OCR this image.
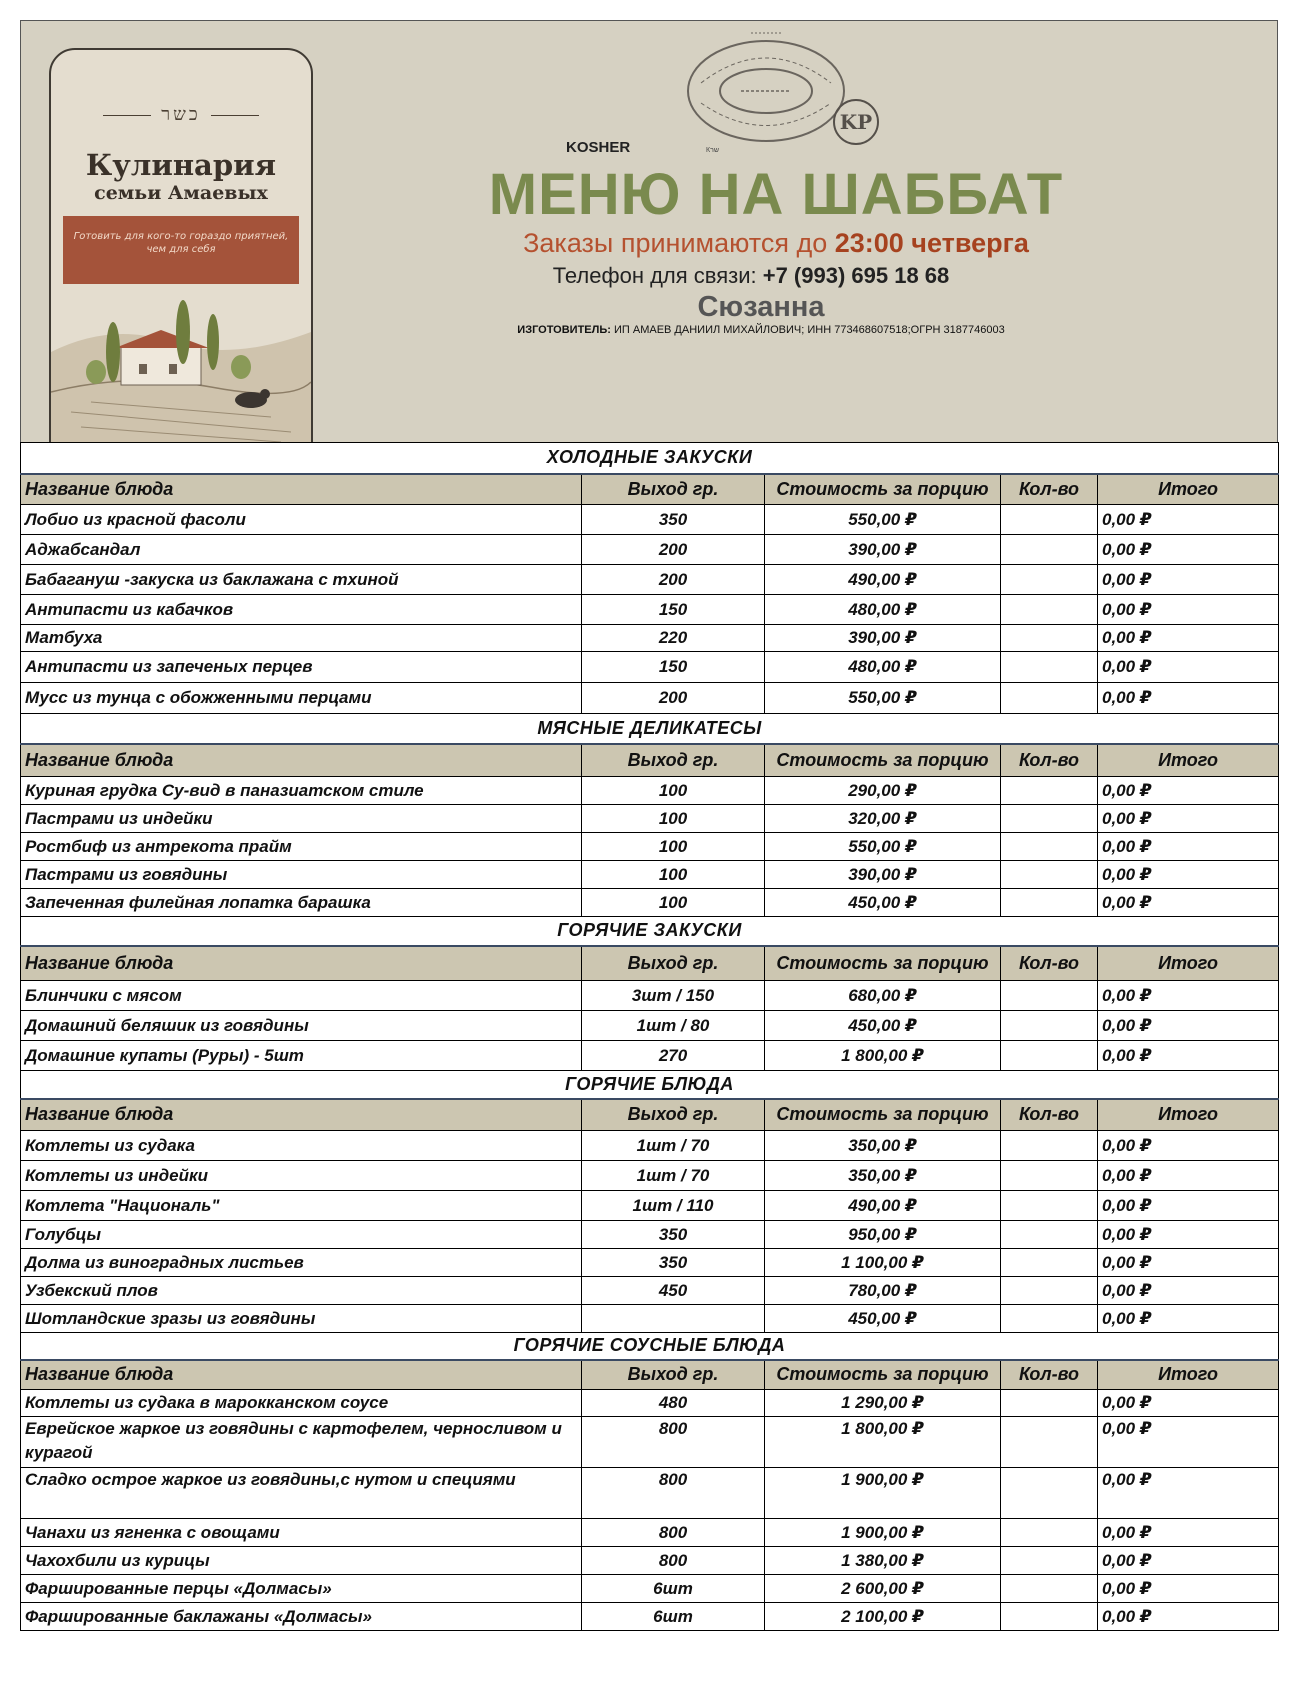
כשר
Кулинария
семьи Амаевых
Готовить для кого-то гораздо приятней, чем для себя
KP
Кשר
KOSHER
МЕНЮ НА ШАББАТ
Заказы принимаются до 23:00 четверга
Телефон для связи: +7 (993) 695 18 68
Сюзанна
ИЗГОТОВИТЕЛЬ: ИП АМАЕВ ДАНИИЛ МИХАЙЛОВИЧ; ИНН 773468607518;ОГРН 3187746003
ХОЛОДНЫЕ ЗАКУСКИ				
Название блюда	Выход гр.	Стоимость за порцию	Кол-во	Итого
Лобио из красной фасоли	350	550,00 ₽		0,00 ₽
Аджабсандал	200	390,00 ₽		0,00 ₽
Бабагануш -закуска из баклажана с тхиной	200	490,00 ₽		0,00 ₽
Антипасти из кабачков	150	480,00 ₽		0,00 ₽
Матбуха	220	390,00 ₽		0,00 ₽
Антипасти из запеченых перцев	150	480,00 ₽		0,00 ₽
Мусс из тунца с обожженными перцами	200	550,00 ₽		0,00 ₽
МЯСНЫЕ ДЕЛИКАТЕСЫ				
Название блюда	Выход гр.	Стоимость за порцию	Кол-во	Итого
Куриная грудка Су-вид в паназиатском стиле	100	290,00 ₽		0,00 ₽
Пастрами из индейки	100	320,00 ₽		0,00 ₽
Ростбиф из антрекота прайм	100	550,00 ₽		0,00 ₽
Пастрами из говядины	100	390,00 ₽		0,00 ₽
Запеченная филейная лопатка барашка	100	450,00 ₽		0,00 ₽
ГОРЯЧИЕ ЗАКУСКИ				
Название блюда	Выход гр.	Стоимость за порцию	Кол-во	Итого
Блинчики с мясом	3шт / 150	680,00 ₽		0,00 ₽
Домашний беляшик из говядины	1шт / 80	450,00 ₽		0,00 ₽
Домашние купаты (Руры) - 5шт	270	1 800,00 ₽		0,00 ₽
ГОРЯЧИЕ БЛЮДА				
Название блюда	Выход гр.	Стоимость за порцию	Кол-во	Итого
Котлеты из судака	1шт / 70	350,00 ₽		0,00 ₽
Котлеты из индейки	1шт / 70	350,00 ₽		0,00 ₽
Котлета "Националь"	1шт / 110	490,00 ₽		0,00 ₽
Голубцы	350	950,00 ₽		0,00 ₽
Долма из виноградных листьев	350	1 100,00 ₽		0,00 ₽
Узбекский плов	450	780,00 ₽		0,00 ₽
Шотландские зразы из говядины		450,00 ₽		0,00 ₽
ГОРЯЧИЕ СОУСНЫЕ БЛЮДА				
Название блюда	Выход гр.	Стоимость за порцию	Кол-во	Итого
Котлеты из судака в марокканском соусе	480	1 290,00 ₽		0,00 ₽
Еврейское жаркое из говядины с картофелем, черносливом и курагой	800	1 800,00 ₽		0,00 ₽
Сладко острое жаркое из говядины,с нутом и специями	800	1 900,00 ₽		0,00 ₽
Чанахи из ягненка с овощами	800	1 900,00 ₽		0,00 ₽
Чахохбили из курицы	800	1 380,00 ₽		0,00 ₽
Фаршированные перцы «Долмасы»	6шт	2 600,00 ₽		0,00 ₽
Фаршированные баклажаны «Долмасы»	6шт	2 100,00 ₽		0,00 ₽
